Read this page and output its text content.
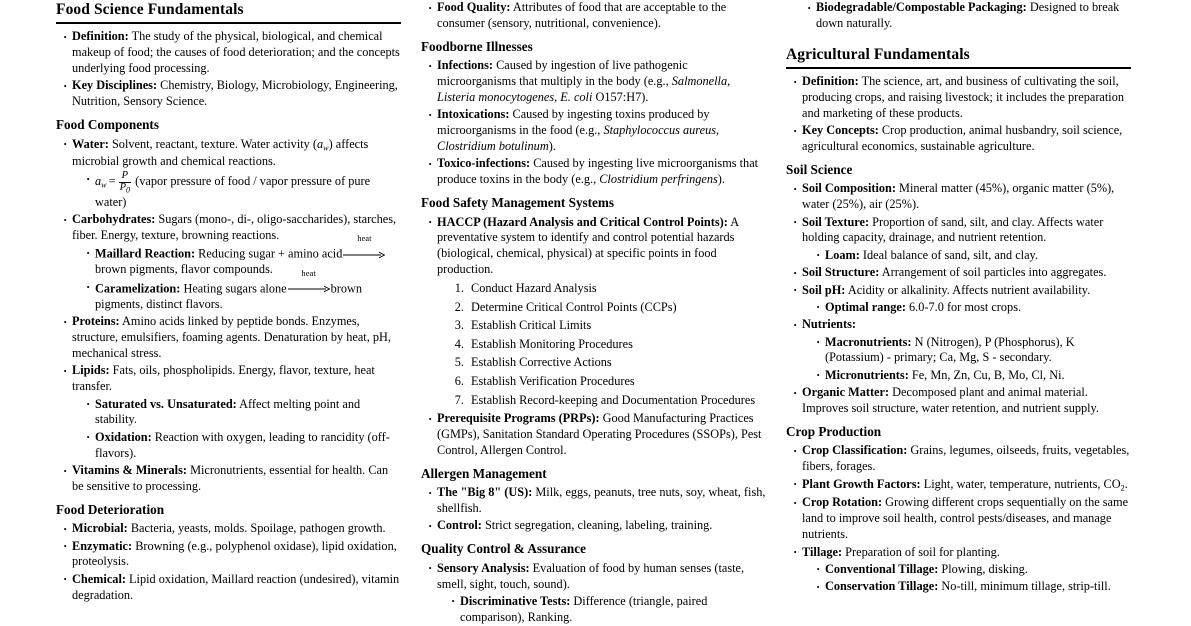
Food Science Fundamentals
· Definition: The study of the physical, biological, and chemical makeup of food; the causes of food deterioration; and the concepts underlying food processing.
· Key Disciplines: Chemistry, Biology, Microbiology, Engineering, Nutrition, Sensory Science.
Food Components
· Water: Solvent, reactant, texture. Water activity $(a_w)$ affects microbial growth and chemical reactions.
· $a_w = \frac{P}{P_0}$ (vapor pressure of food / vapor pressure of pure water)
· Carbohydrates: Sugars (mono-, di-, oligo-saccharides), starches, fiber. Energy, texture, browning reactions.
· Maillard Reaction: Reducing sugar + amino acid
heat
brown pigments, flavor compounds.
· Caramelization: Heating sugars alone
heat
brown pigments, distinct flavors.
· Proteins: Amino acids linked by peptide bonds. Enzymes, structure, emulsifiers, foaming agents. Denaturation by heat, pH, mechanical stress.
· Lipids: Fats, oils, phospholipids. Energy, flavor, texture, heat transfer.
· Saturated vs. Unsaturated: Affect melting point and stability.
· Oxidation: Reaction with oxygen, leading to rancidity (off-flavors).
· Vitamins & Minerals: Micronutrients, essential for health. Can be sensitive to processing.
Food Deterioration
· Microbial: Bacteria, yeasts, molds. Spoilage, pathogen growth.
· Enzymatic: Browning (e.g., polyphenol oxidase), lipid oxidation, proteolysis.
· Chemical: Lipid oxidation, Maillard reaction (undesired), vitamin degradation.
· Food Quality: Attributes of food that are acceptable to the consumer (sensory, nutritional, convenience).
Foodborne Illnesses
· Infections: Caused by ingestion of live pathogenic microorganisms that multiply in the body (e.g., Salmonella, Listeria monocytogenes, E. coli O157:H7).
· Intoxications: Caused by ingesting toxins produced by microorganisms in the food (e.g., Staphylococcus aureus, Clostridium botulinum).
· Toxico-infections: Caused by ingesting live microorganisms that produce toxins in the body (e.g., Clostridium perfringens).
Food Safety Management Systems
· HACCP (Hazard Analysis and Critical Control Points): A preventative system to identify and control potential hazards (biological, chemical, physical) at specific points in food production.
1. Conduct Hazard Analysis
2. Determine Critical Control Points (CCPs)
3. Establish Critical Limits
4. Establish Monitoring Procedures
5. Establish Corrective Actions
6. Establish Verification Procedures
7. Establish Record-keeping and Documentation Procedures
· Prerequisite Programs (PRPs): Good Manufacturing Practices (GMPs), Sanitation Standard Operating Procedures (SSOPs), Pest Control, Allergen Control.
Allergen Management
· The "Big 8" (US): Milk, eggs, peanuts, tree nuts, soy, wheat, fish, shellfish.
· Control: Strict segregation, cleaning, labeling, training.
Quality Control & Assurance
· Sensory Analysis: Evaluation of food by human senses (taste, smell, sight, touch, sound).
· Discriminative Tests: Difference (triangle, paired comparison), Ranking.
· Biodegradable/Compostable Packaging: Designed to break down naturally.
Agricultural Fundamentals
· Definition: The science, art, and business of cultivating the soil, producing crops, and raising livestock; it includes the preparation and marketing of these products.
· Key Concepts: Crop production, animal husbandry, soil science, agricultural economics, sustainable agriculture.
Soil Science
· Soil Composition: Mineral matter (45%), organic matter (5%), water (25%), air (25%).
· Soil Texture: Proportion of sand, silt, and clay. Affects water holding capacity, drainage, and nutrient retention.
· Loam: Ideal balance of sand, silt, and clay.
· Soil Structure: Arrangement of soil particles into aggregates.
· Soil pH: Acidity or alkalinity. Affects nutrient availability.
· Optimal range: 6.0-7.0 for most crops.
· Nutrients:
· Macronutrients: N (Nitrogen), P (Phosphorus), K (Potassium) - primary; Ca, Mg, S - secondary.
· Micronutrients: Fe, Mn, Zn, Cu, B, Mo, Cl, Ni.
· Organic Matter: Decomposed plant and animal material. Improves soil structure, water retention, and nutrient supply.
Crop Production
· Crop Classification: Grains, legumes, oilseeds, fruits, vegetables, fibers, forages.
· Plant Growth Factors: Light, water, temperature, nutrients, $CO_2$.
· Crop Rotation: Growing different crops sequentially on the same land to improve soil health, control pests/diseases, and manage nutrients.
· Tillage: Preparation of soil for planting.
· Conventional Tillage: Plowing, disking.
· Conservation Tillage: No-till, minimum tillage, strip-till.
